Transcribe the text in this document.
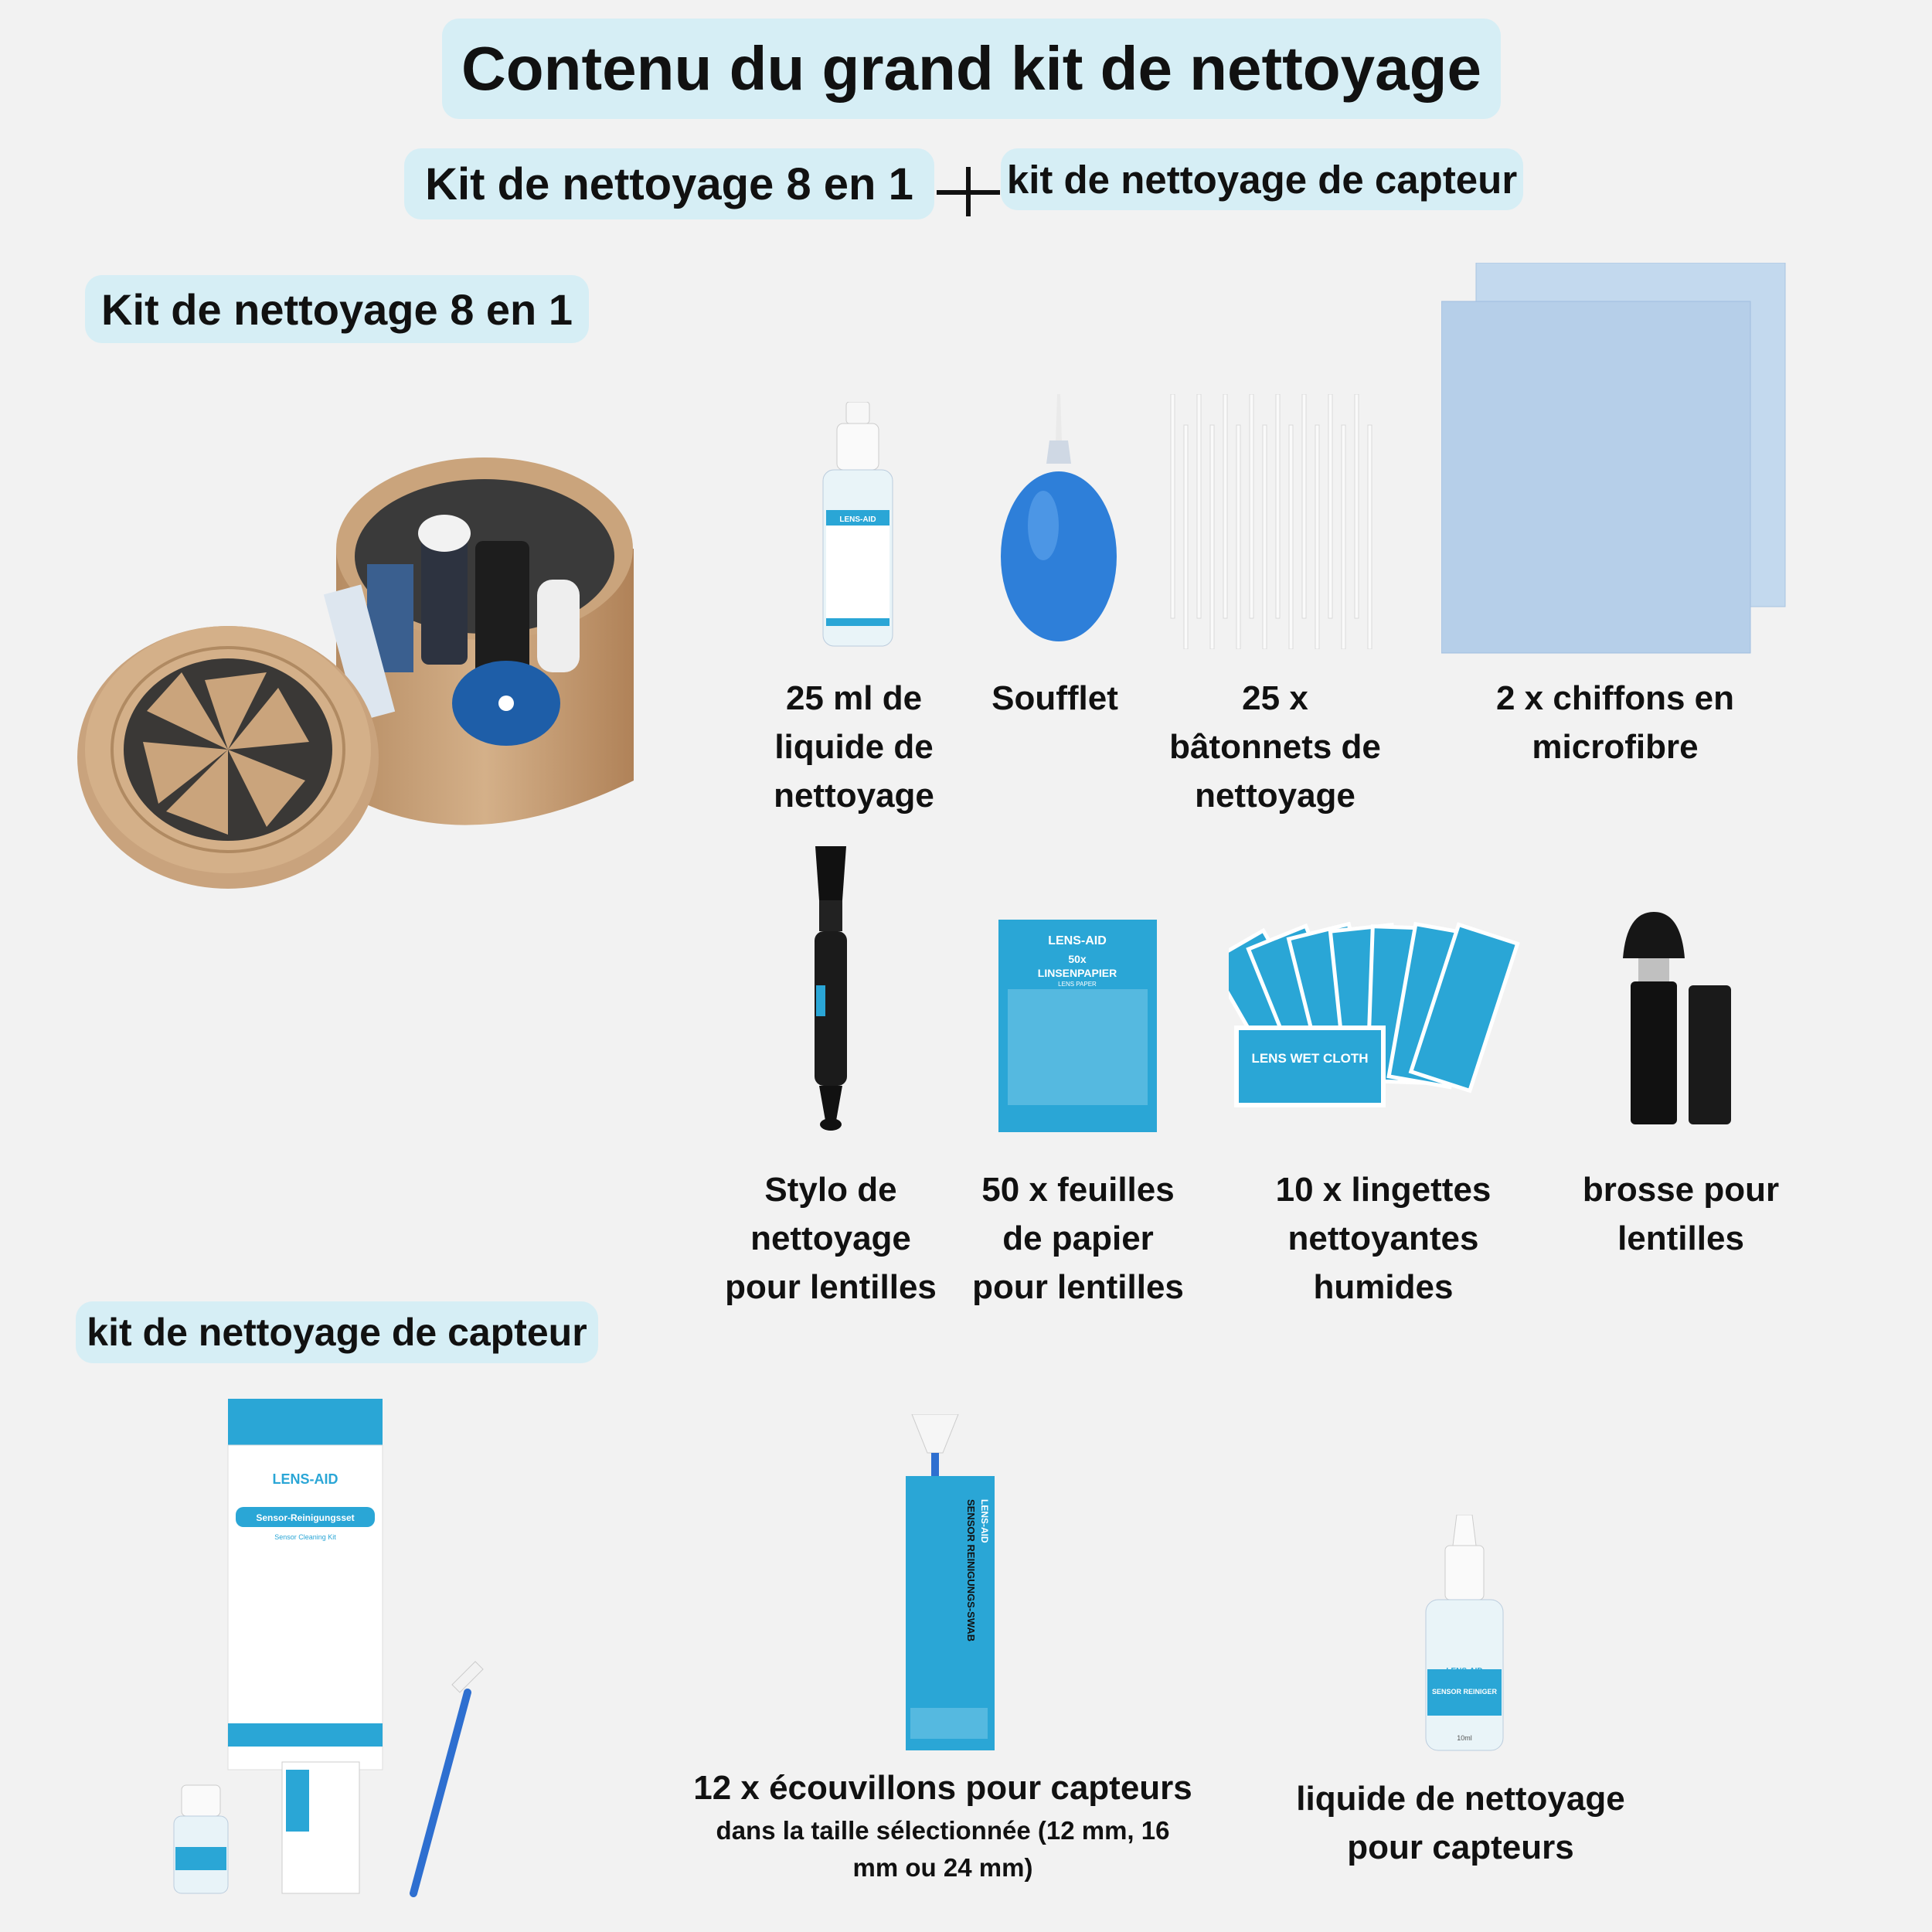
Contenu du grand kit de nettoyage
Kit de nettoyage 8 en 1	kit de nettoyage de capteur
Kit de nettoyage 8 en 1
LENS-AID
25 ml de
liquide de
nettoyage
Soufflet	25 x
bâtonnets de
nettoyage
2 x chiffons en
microfibre
LENS-AID
50x
LINSENPAPIER
LENS PAPER
LENS WET CLOTH
Stylo de
nettoyage
pour lentilles
50 x feuilles
de papier
pour lentilles
10 x lingettes
nettoyantes
humides
brosse pour
lentilles
kit de nettoyage de capteur
LENS-AID
Sensor-Reinigungsset
Sensor Cleaning Kit	SENSOR REINIGUNGS-SWAB LENS-AID
LENS-AID
SENSOR REINIGER
10ml
12 x écouvillons pour capteurs
dans la taille sélectionnée (12 mm, 16
mm ou 24 mm)
liquide de nettoyage
pour capteurs
